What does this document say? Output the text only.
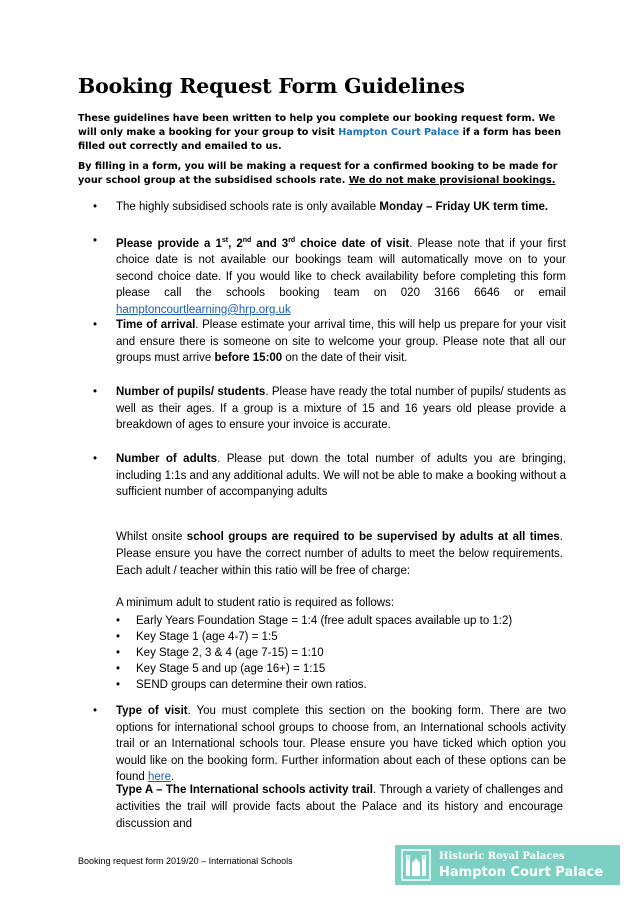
Booking Request Form Guidelines

These guidelines have been written to help you complete our booking request form. We will only make a booking for your group to visit Hampton Court Palace if a form has been filled out correctly and emailed to us.

By filling in a form, you will be making a request for a confirmed booking to be made for your school group at the subsidised schools rate. We do not make provisional bookings.

•	The highly subsidised schools rate is only available Monday – Friday UK term time.
•	Please provide a 1st, 2nd and 3rd choice date of visit. Please note that if your first choice date is not available our bookings team will automatically move on to your second choice date. If you would like to check availability before completing this form please call the schools booking team on 020 3166 6646 or email hamptoncourtlearning@hrp.org.uk
•	Time of arrival. Please estimate your arrival time, this will help us prepare for your visit and ensure there is someone on site to welcome your group. Please note that all our groups must arrive before 15:00 on the date of their visit.
•	Number of pupils/ students. Please have ready the total number of pupils/ students as well as their ages. If a group is a mixture of 15 and 16 years old please provide a breakdown of ages to ensure your invoice is accurate.
•	Number of adults. Please put down the total number of adults you are bringing, including 1:1s and any additional adults. We will not be able to make a booking without a sufficient number of accompanying adults

Whilst onsite school groups are required to be supervised by adults at all times. Please ensure you have the correct number of adults to meet the below requirements. Each adult / teacher within this ratio will be free of charge:

A minimum adult to student ratio is required as follows:
• Early Years Foundation Stage = 1:4 (free adult spaces available up to 1:2)
• Key Stage 1 (age 4-7) = 1:5
• Key Stage 2, 3 & 4 (age 7-15) = 1:10
• Key Stage 5 and up (age 16+) = 1:15
• SEND groups can determine their own ratios.
•	Type of visit. You must complete this section on the booking form. There are two options for international school groups to choose from, an International schools activity trail or an International schools tour. Please ensure you have ticked which option you would like on the booking form. Further information about each of these options can be found here.

Type A – The International schools activity trail. Through a variety of challenges and activities the trail will provide facts about the Palace and its history and encourage discussion and

Booking request form 2019/20 – International Schools	Historic Royal Palaces
Hampton Court Palace
